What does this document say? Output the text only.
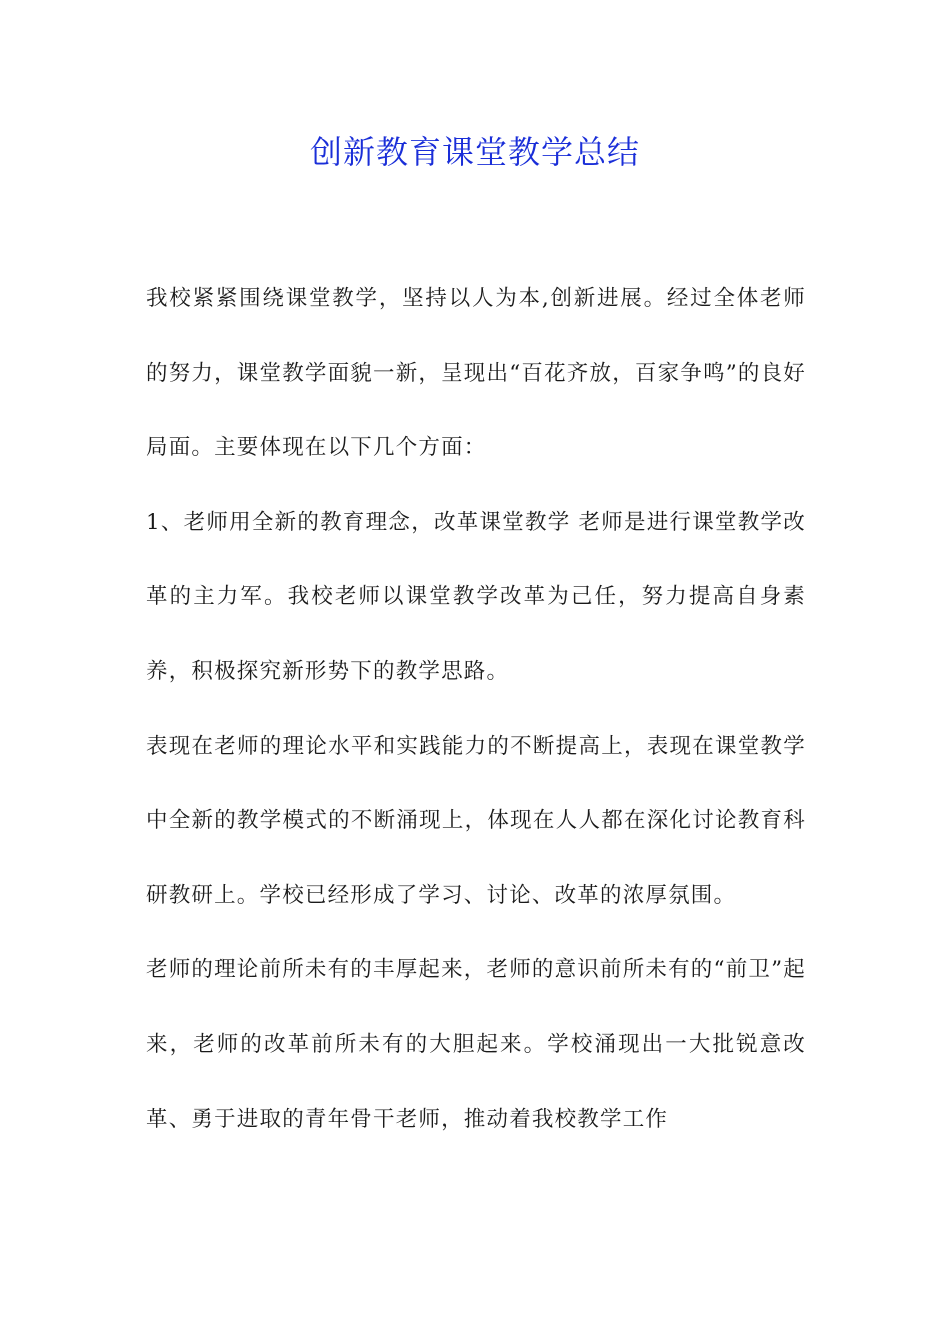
创新教育课堂教学总结

我校紧紧围绕课堂教学，坚持以人为本,创新进展。经过全体老师的努力，课堂教学面貌一新，呈现出“百花齐放，百家争鸣”的良好局面。主要体现在以下几个方面：

1、老师用全新的教育理念，改革课堂教学 老师是进行课堂教学改革的主力军。我校老师以课堂教学改革为己任，努力提高自身素养，积极探究新形势下的教学思路。

表现在老师的理论水平和实践能力的不断提高上，表现在课堂教学中全新的教学模式的不断涌现上，体现在人人都在深化讨论教育科研教研上。学校已经形成了学习、讨论、改革的浓厚氛围。

老师的理论前所未有的丰厚起来，老师的意识前所未有的“前卫”起来，老师的改革前所未有的大胆起来。学校涌现出一大批锐意改革、勇于进取的青年骨干老师，推动着我校教学工作
